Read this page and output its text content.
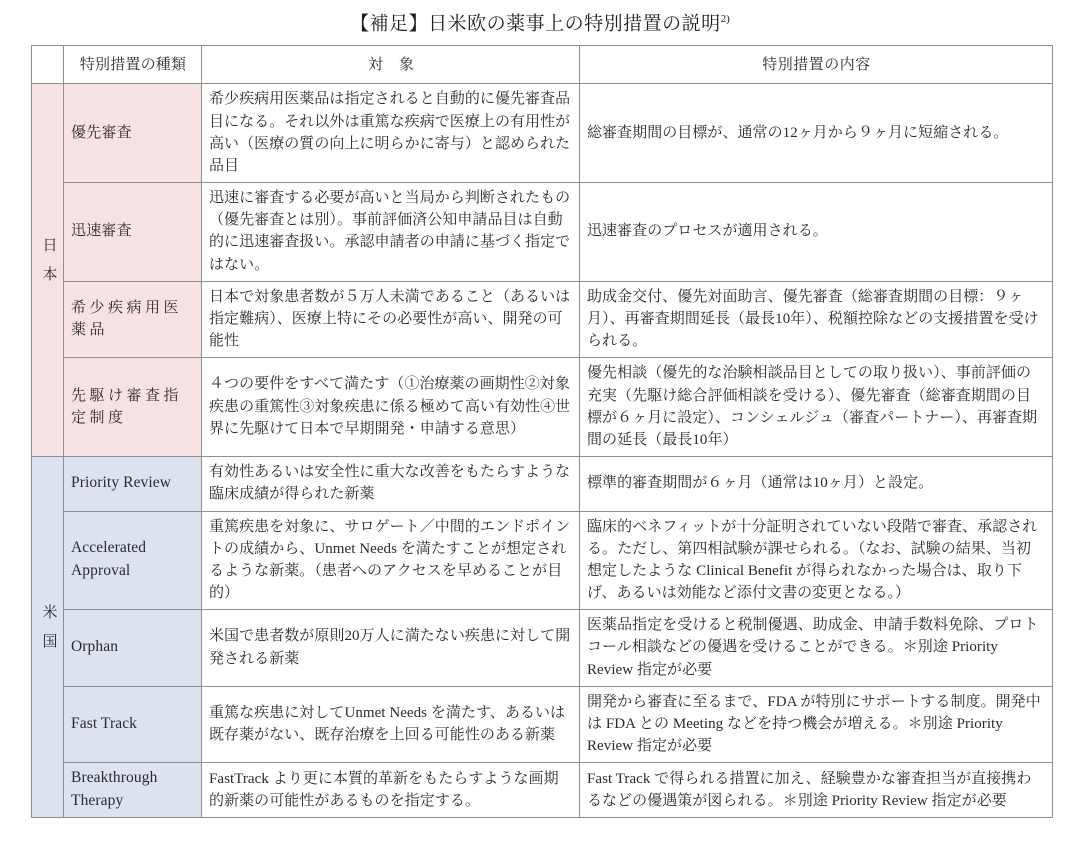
【補足】日米欧の薬事上の特別措置の説明$^{2)}$
	特別措置の種類	対 象	特別措置の内容
日本	優先審査	希少疾病用医薬品は指定されると自動的に優先審査品目になる。それ以外は重篤な疾病で医療上の有用性が高い（医療の質の向上に明らかに寄与）と認められた品目	総審査期間の目標が、通常の12ヶ月から９ヶ月に短縮される。
	迅速審査	迅速に審査する必要が高いと当局から判断されたもの（優先審査とは別）。事前評価済公知申請品目は自動的に迅速審査扱い。承認申請者の申請に基づく指定ではない。	迅速審査のプロセスが適用される。
	希少疾病用医薬品	日本で対象患者数が５万人未満であること（あるいは指定難病）、医療上特にその必要性が高い、開発の可能性	助成金交付、優先対面助言、優先審査（総審査期間の目標：９ヶ月）、再審査期間延長（最長10年）、税額控除などの支援措置を受けられる。
	先駆け審査指定制度	４つの要件をすべて満たす（①治療薬の画期性②対象疾患の重篤性③対象疾患に係る極めて高い有効性④世界に先駆けて日本で早期開発・申請する意思）	優先相談（優先的な治験相談品目としての取り扱い）、事前評価の充実（先駆け総合評価相談を受ける）、優先審査（総審査期間の目標が６ヶ月に設定）、コンシェルジュ（審査パートナー）、再審査期間の延長（最長10年）
米国	Priority Review	有効性あるいは安全性に重大な改善をもたらすような臨床成績が得られた新薬	標準的審査期間が６ヶ月（通常は10ヶ月）と設定。
	Accelerated Approval	重篤疾患を対象に、サロゲート／中間的エンドポイントの成績から、Unmet Needs を満たすことが想定されるような新薬。（患者へのアクセスを早めることが目的）	臨床的ベネフィットが十分証明されていない段階で審査、承認される。ただし、第四相試験が課せられる。（なお、試験の結果、当初想定したような Clinical Benefit が得られなかった場合は、取り下げ、あるいは効能など添付文書の変更となる。）
	Orphan	米国で患者数が原則20万人に満たない疾患に対して開発される新薬	医薬品指定を受けると税制優遇、助成金、申請手数料免除、プロトコール相談などの優遇を受けることができる。＊別途 Priority Review 指定が必要
	Fast Track	重篤な疾患に対してUnmet Needs を満たす、あるいは既存薬がない、既存治療を上回る可能性のある新薬	開発から審査に至るまで、FDA が特別にサポートする制度。開発中は FDA との Meeting などを持つ機会が増える。＊別途 Priority Review 指定が必要
	Breakthrough Therapy	FastTrack より更に本質的革新をもたらすような画期的新薬の可能性があるものを指定する。	Fast Track で得られる措置に加え、経験豊かな審査担当が直接携わるなどの優遇策が図られる。＊別途 Priority Review 指定が必要
